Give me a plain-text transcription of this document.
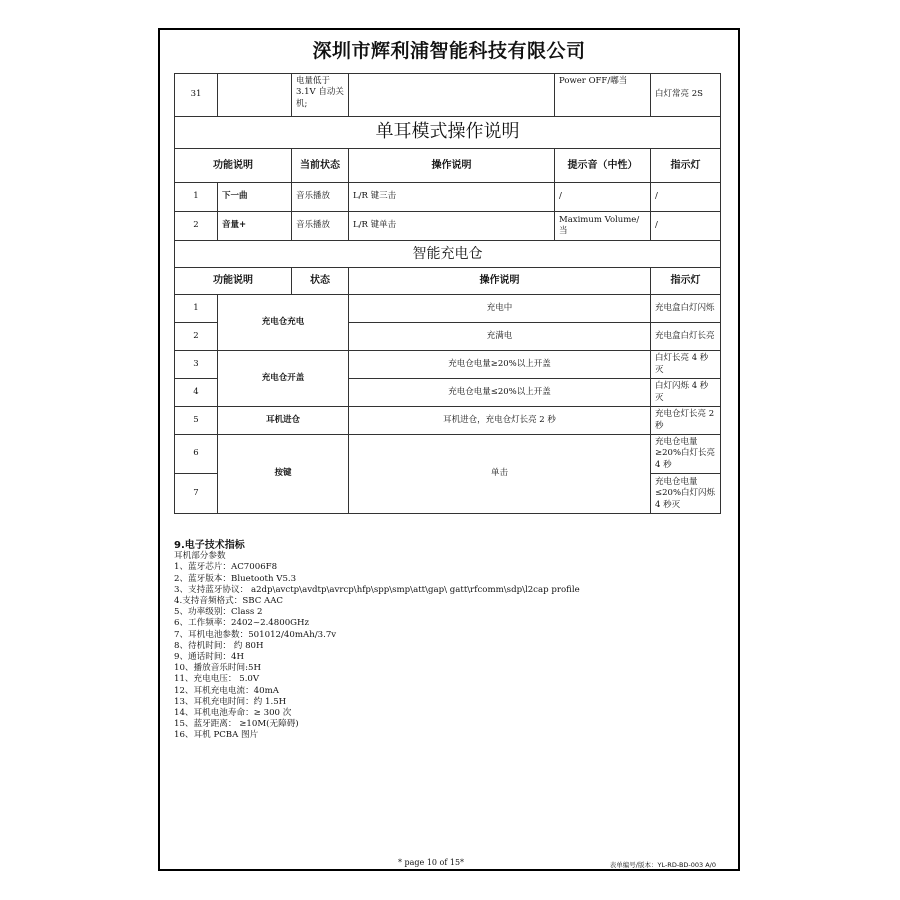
深圳市辉利浦智能科技有限公司
31		电量低于3.1V 自动关机;		Power OFF/嘟当	白灯常亮 2S
单耳模式操作说明					
功能说明		当前状态	操作说明	提示音（中性）	指示灯
1	下一曲	音乐播放	L/R 键三击	/	/
2	音量+	音乐播放	L/R 键单击	Maximum Volume/当	/
智能充电仓					
功能说明		状态	操作说明		指示灯
1	充电仓充电		充电中		充电盒白灯闪烁
2			充满电		充电盒白灯长亮
3	充电仓开盖		充电仓电量≥20%以上开盖		白灯长亮 4 秒灭
4			充电仓电量≤20%以上开盖		白灯闪烁 4 秒灭
5	耳机进仓		耳机进仓，充电仓灯长亮 2 秒		充电仓灯长亮 2 秒
6	按键		单击		充电仓电量≥20%白灯长亮 4 秒
7					充电仓电量≤20%白灯闪烁 4 秒灭
9.电子技术指标
耳机部分参数
1、蓝牙芯片：AC7006F8
2、蓝牙版本：Bluetooth V5.3
3、支持蓝牙协议： a2dp\avctp\avdtp\avrcp\hfp\spp\smp\att\gap\ gatt\rfcomm\sdp\l2cap profile
4.支持音频格式：SBC AAC
5、功率级别：Class 2
6、工作频率：2402~2.4800GHz
7、耳机电池参数：501012/40mAh/3.7v
8、待机时间： 约 80H
9、通话时间：4H
10、播放音乐时间:5H
11、充电电压： 5.0V
12、耳机充电电流：40mA
13、耳机充电时间：约 1.5H
14、耳机电池寿命：≥ 300 次
15、蓝牙距离： ≥10M(无障碍)
16、耳机 PCBA 图片
* page 10 of 15*	表单编号/版本：YL-RD-BD-003 A/0
